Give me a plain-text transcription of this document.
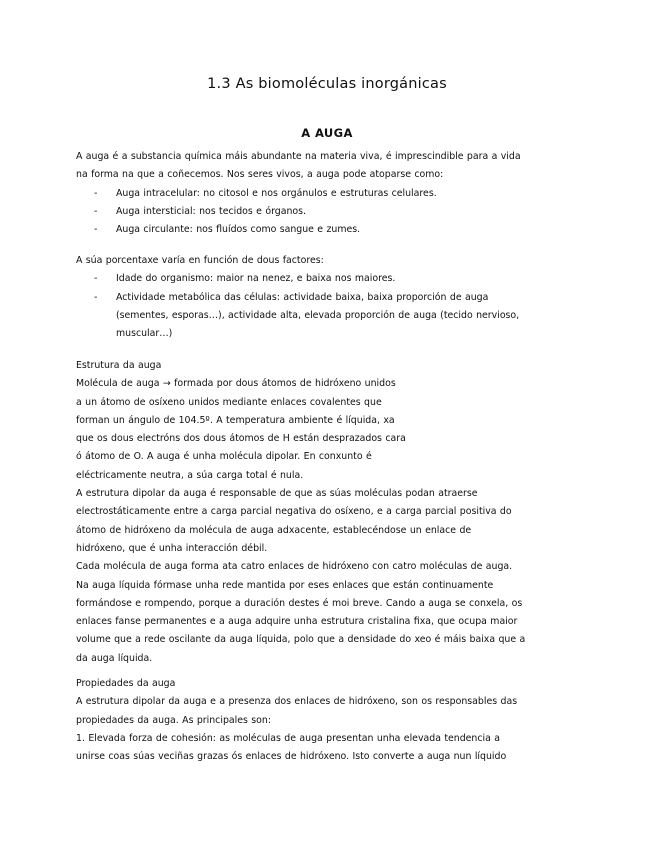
1.3 As biomoléculas inorgánicas
A AUGA

A auga é a substancia química máis abundante na materia viva, é imprescindible para a vida

na forma na que a coñecemos. Nos seres vivos, a auga pode atoparse como:

- Auga intracelular: no citosol e nos orgánulos e estruturas celulares.
- Auga intersticial: nos tecidos e órganos.
- Auga circulante: nos fluídos como sangue e zumes.

A súa porcentaxe varía en función de dous factores:

- Idade do organismo: maior na nenez, e baixa nos maiores.
- Actividade metabólica das células: actividade baixa, baixa proporción de auga
(sementes, esporas…), actividade alta, elevada proporción de auga (tecido nervioso,
muscular…)

Estrutura da auga

Molécula de auga → formada por dous átomos de hidróxeno unidos

a un átomo de osíxeno unidos mediante enlaces covalentes que

forman un ángulo de 104.5º. A temperatura ambiente é líquida, xa

que os dous electróns dos dous átomos de H están desprazados cara

ó átomo de O. A auga é unha molécula dipolar. En conxunto é

eléctricamente neutra, a súa carga total é nula.

A estrutura dipolar da auga é responsable de que as súas moléculas podan atraerse

electrostáticamente entre a carga parcial negativa do osíxeno, e a carga parcial positiva do

átomo de hidróxeno da molécula de auga adxacente, establecéndose un enlace de

hidróxeno, que é unha interacción débil.

Cada molécula de auga forma ata catro enlaces de hidróxeno con catro moléculas de auga.

Na auga líquida fórmase unha rede mantida por eses enlaces que están continuamente

formándose e rompendo, porque a duración destes é moi breve. Cando a auga se conxela, os

enlaces fanse permanentes e a auga adquire unha estrutura cristalina fixa, que ocupa maior

volume que a rede oscilante da auga líquida, polo que a densidade do xeo é máis baixa que a

da auga líquida.

Propiedades da auga

A estrutura dipolar da auga e a presenza dos enlaces de hidróxeno, son os responsables das

propiedades da auga. As principales son:

1. Elevada forza de cohesión: as moléculas de auga presentan unha elevada tendencia a

unirse coas súas veciñas grazas ós enlaces de hidróxeno. Isto converte a auga nun líquido
